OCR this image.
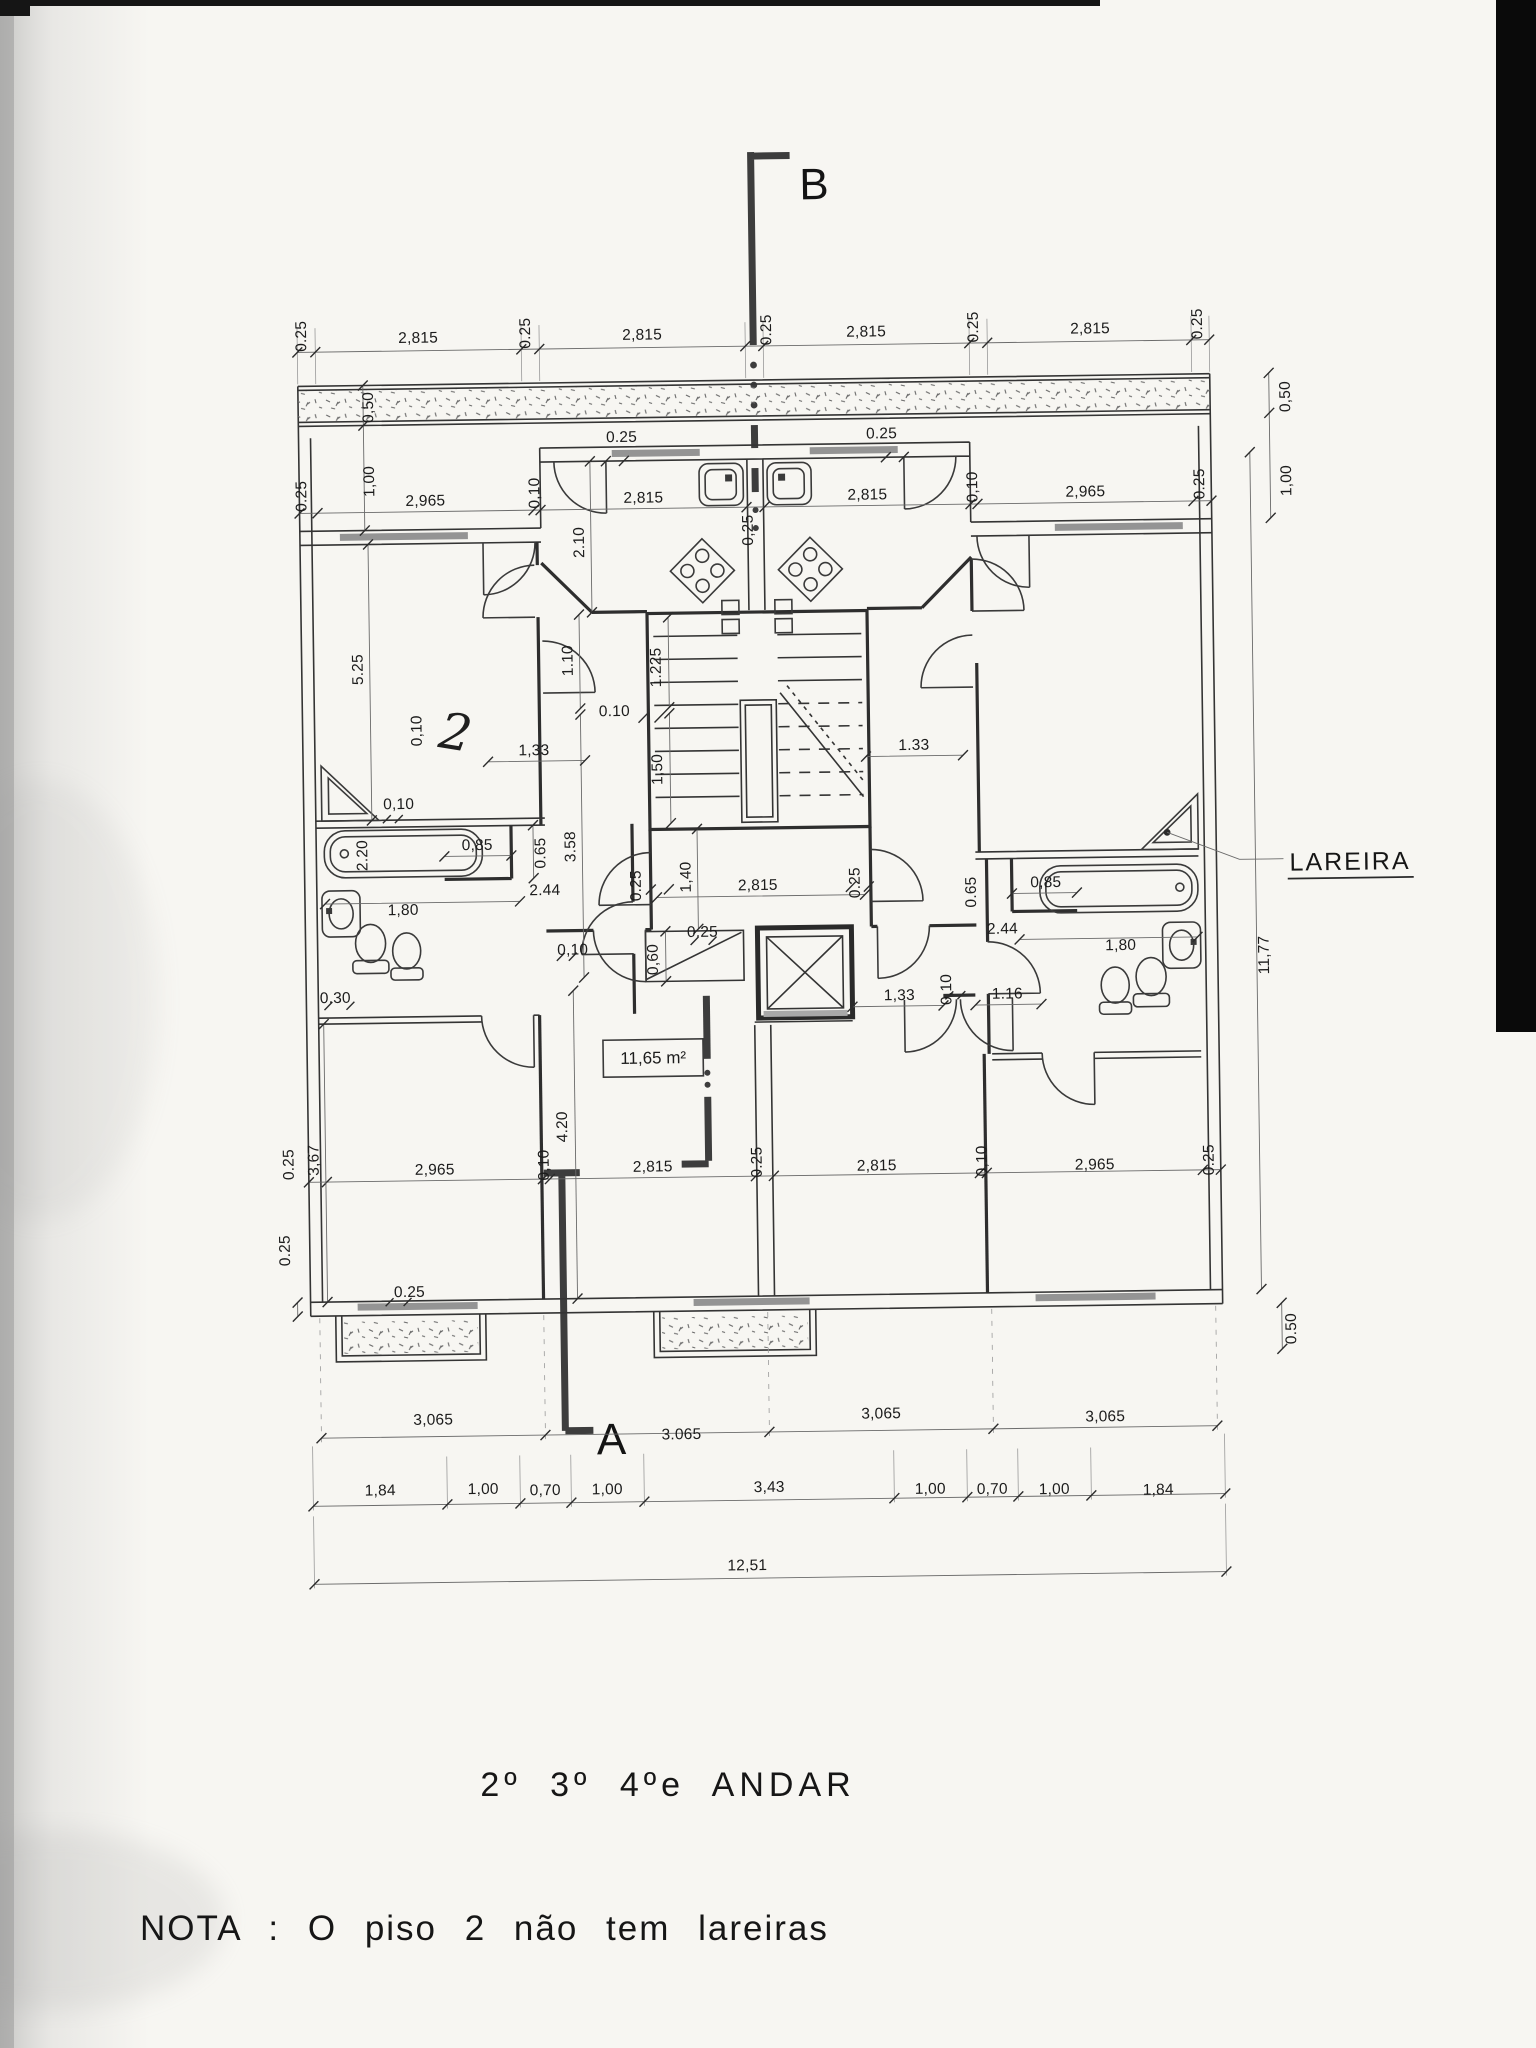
B
A
LAREIRA
11,65 m²
2
0.25	2,815	0.25	2,815	0.25	2,815	0.25	2,815	0.25
0.25	2,965	0,10	2,815
0,25
2,815	0,10	2,965	0.25
0,50
1,00
5.25
3,67
0.25
0.25
0,50
1,00
11,77
0.50
2.10
1.10
0.25	0.25
0,10
1.225
1,50
0.10
1,33	1.33
3.58
0.25 1,40	2,815	0.25
0,10
2.20	0,85	0.65
2.44
1,80
0.30
0,10
0,85
0.65
2.44
1,80
0,10
0.25
0,60
1,33	1.16
4.20
0.25	2,965	0,10	2,815	0.25	2,815	0,10	2,965	0.25
3,065
3.065
3,065	3,065
1,84	1,00 0,70 1,00	3,43	1,00 0,70 1,00	1,84
12,51
2º 3º 4ºe ANDAR
NOTA : O piso 2 não tem lareiras
